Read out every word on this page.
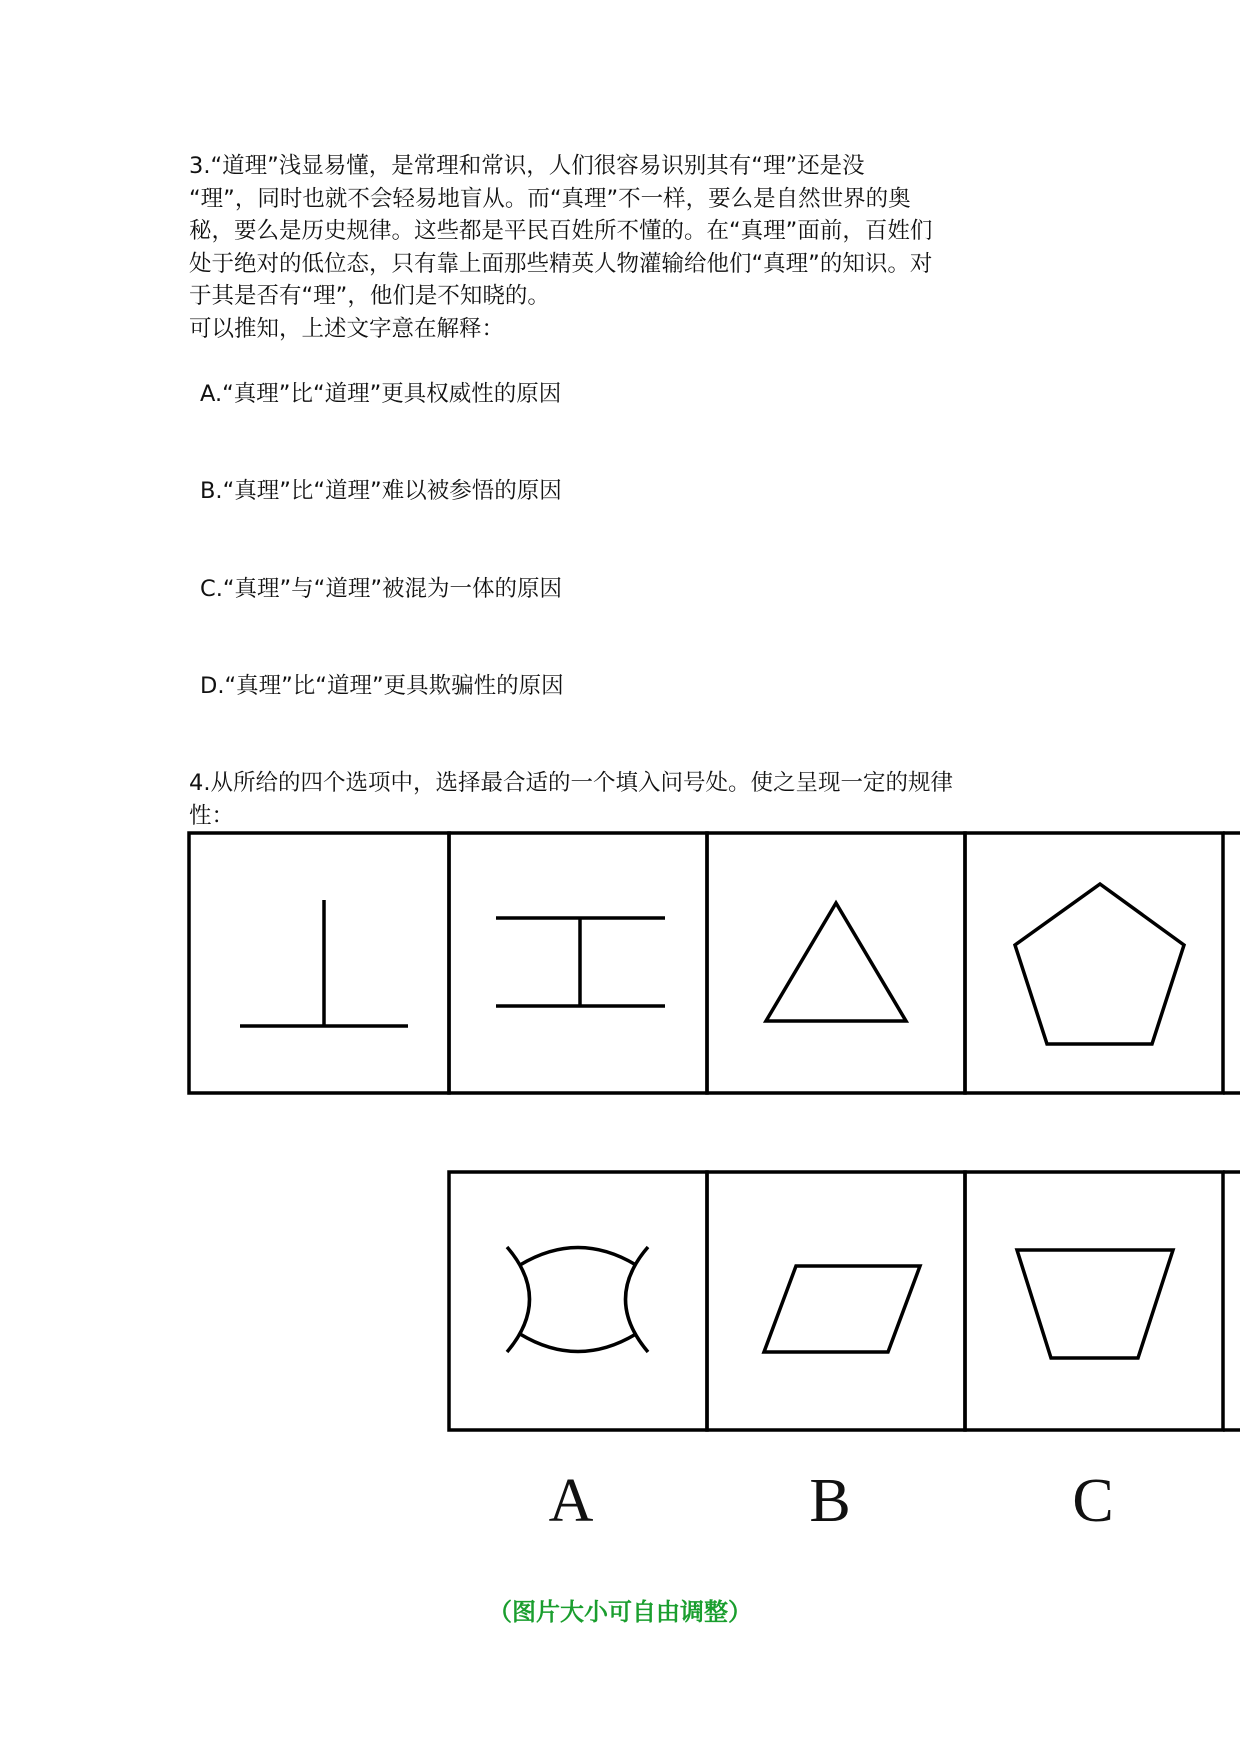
3.“道理”浅显易懂，是常理和常识，人们很容易识别其有“理”还是没

“理”，同时也就不会轻易地盲从。而“真理”不一样，要么是自然世界的奥

秘，要么是历史规律。这些都是平民百姓所不懂的。在“真理”面前，百姓们

处于绝对的低位态，只有靠上面那些精英人物灌输给他们“真理”的知识。对

于其是否有“理”，他们是不知晓的。

可以推知，上述文字意在解释：

A.“真理”比“道理”更具权威性的原因

B.“真理”比“道理”难以被参悟的原因

C.“真理”与“道理”被混为一体的原因

D.“真理”比“道理”更具欺骗性的原因

4.从所给的四个选项中，选择最合适的一个填入问号处。使之呈现一定的规律

性：

A	B	C
（图片大小可自由调整）
